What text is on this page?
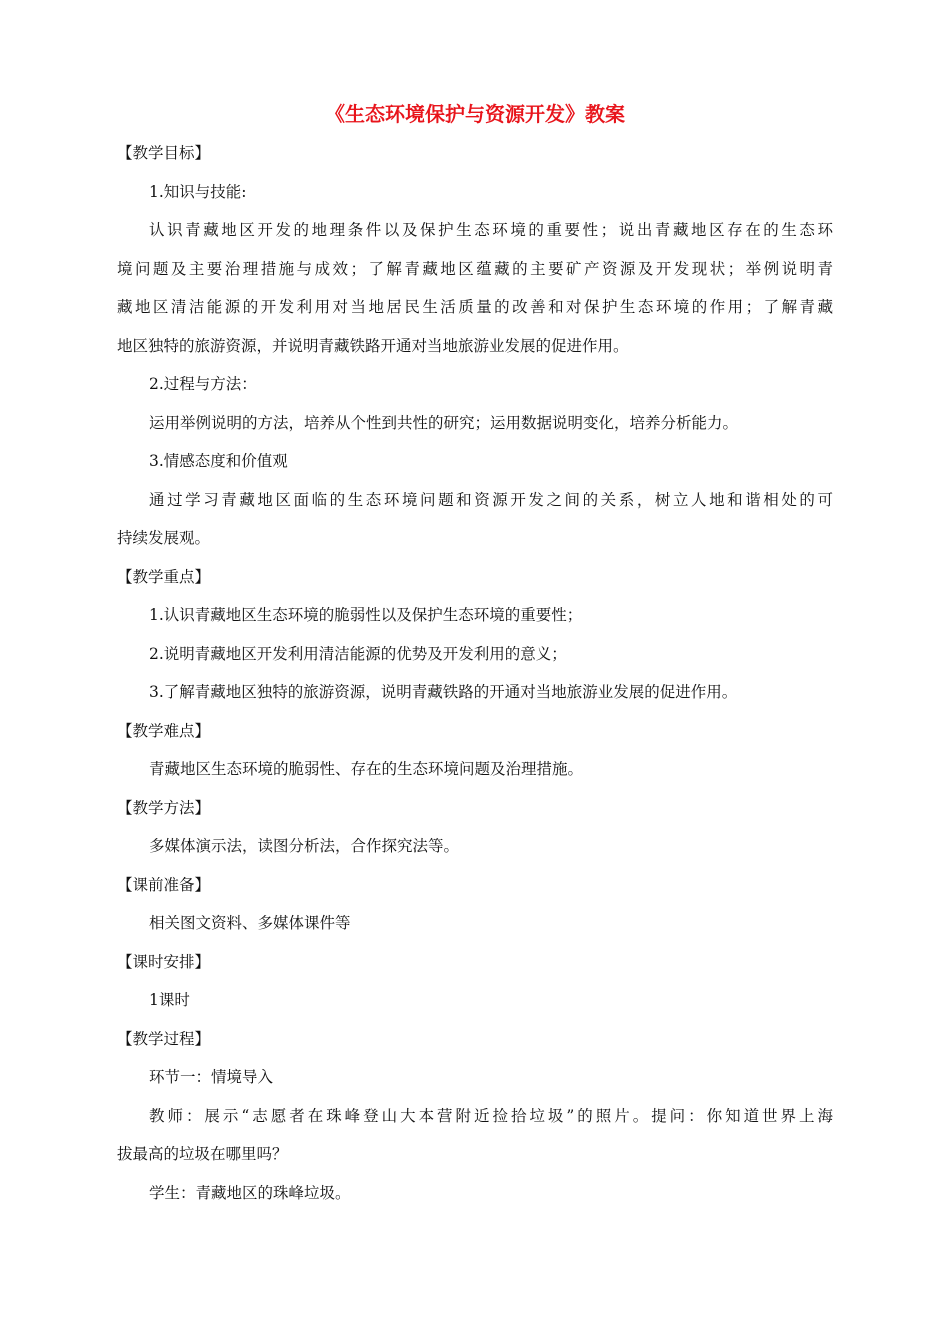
《生态环境保护与资源开发》教案
【教学目标】
1.知识与技能:
认识青藏地区开发的地理条件以及保护生态环境的重要性；说出青藏地区存在的生态环
境问题及主要治理措施与成效；了解青藏地区蕴藏的主要矿产资源及开发现状；举例说明青
藏地区清洁能源的开发利用对当地居民生活质量的改善和对保护生态环境的作用；了解青藏
地区独特的旅游资源，并说明青藏铁路开通对当地旅游业发展的促进作用。
2.过程与方法：
运用举例说明的方法，培养从个性到共性的研究；运用数据说明变化，培养分析能力。
3.情感态度和价值观
通过学习青藏地区面临的生态环境问题和资源开发之间的关系，树立人地和谐相处的可
持续发展观。
【教学重点】
1.认识青藏地区生态环境的脆弱性以及保护生态环境的重要性；
2.说明青藏地区开发利用清洁能源的优势及开发利用的意义；
3.了解青藏地区独特的旅游资源，说明青藏铁路的开通对当地旅游业发展的促进作用。
【教学难点】
青藏地区生态环境的脆弱性、存在的生态环境问题及治理措施。
【教学方法】
多媒体演示法，读图分析法，合作探究法等。
【课前准备】
相关图文资料、多媒体课件等
【课时安排】
1课时
【教学过程】
环节一：情境导入
教师：展示“志愿者在珠峰登山大本营附近捡拾垃圾”的照片。提问：你知道世界上海
拔最高的垃圾在哪里吗？
学生：青藏地区的珠峰垃圾。
